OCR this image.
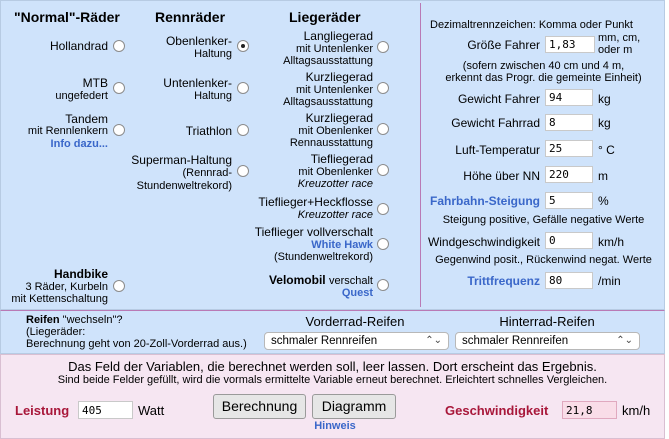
"Normal"-Räder	Rennräder	Liegeräder
Hollandrad
MTB
ungefedert
Tandem
mit Rennlenkern
Info dazu...
Handbike
3 Räder, Kurbeln
mit Kettenschaltung
Obenlenker-
Haltung
Untenlenker-
Haltung
Triathlon
Superman-Haltung
(Rennrad-
Stundenweltrekord)
Langliegerad
mit Untenlenker
Alltagsausstattung
Kurzliegerad
mit Untenlenker
Alltagsausstattung
Kurzliegerad
mit Obenlenker
Rennausstattung
Tiefliegerad
mit Obenlenker
Kreuzotter race
Tieflieger+Heckflosse
Kreuzotter race
Tieflieger vollverschalt
White Hawk
(Stundenweltrekord)
Velomobil verschalt
Quest
Dezimaltrennzeichen: Komma oder Punkt
Größe Fahrer
1,83	mm, cm,
oder m
(sofern zwischen 40 cm und 4 m,
erkennt das Progr. die gemeinte Einheit)
Gewicht Fahrer
94	kg
Gewicht Fahrrad
8	kg
Luft-Temperatur
25	° C
Höhe über NN
220	m
Fahrbahn-Steigung
5	%
Steigung positive, Gefälle negative Werte
Windgeschwindigkeit
0	km/h
Gegenwind posit., Rückenwind negat. Werte
Trittfrequenz
80	/min
Reifen "wechseln"?
(Liegeräder:
Berechnung geht von 20-Zoll-Vorderrad aus.)
Vorderrad-Reifen	Hinterrad-Reifen
schmaler Rennreifen	⌃⌄	schmaler Rennreifen	⌃⌄
Das Feld der Variablen, die berechnet werden soll, leer lassen. Dort erscheint das Ergebnis.
Sind beide Felder gefüllt, wird die vormals ermittelte Variable erneut berechnet. Erleichtert schnelles Vergleichen.
Leistung
405	Watt	Berechnung	Diagramm
Hinweis
Geschwindigkeit
21,8	km/h
